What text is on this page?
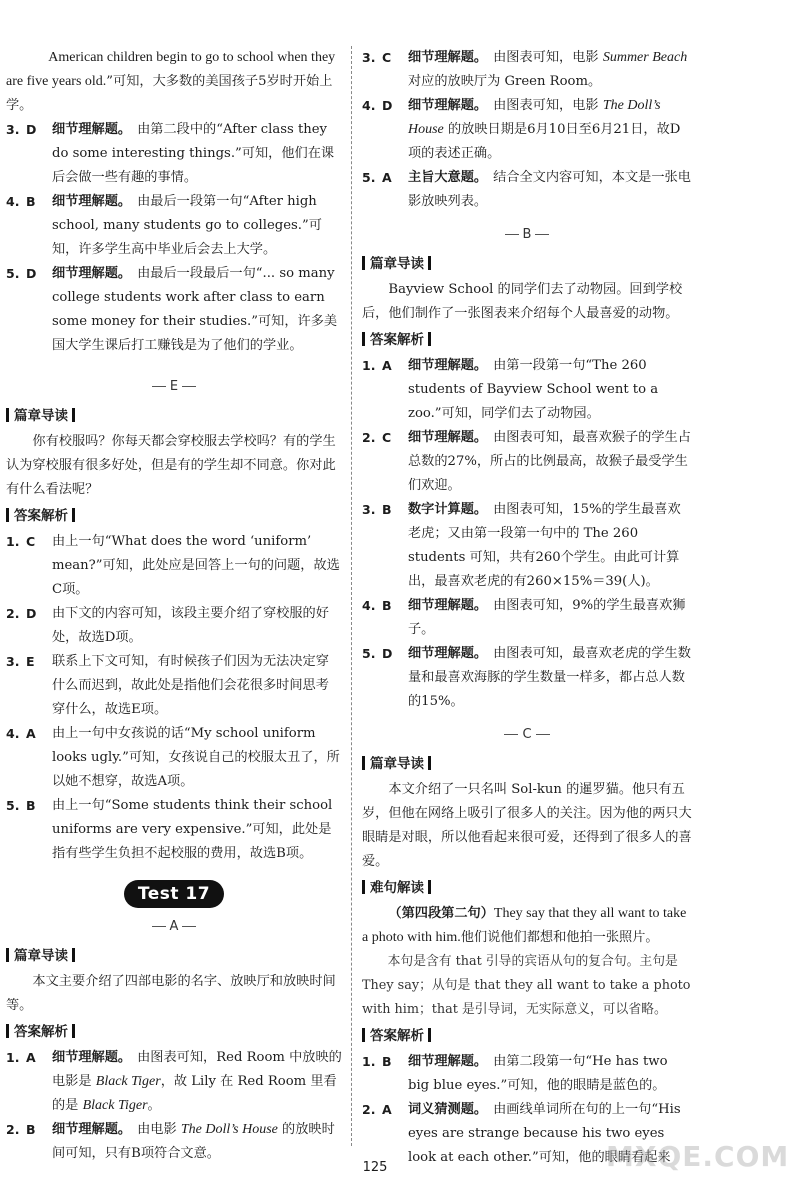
American children begin to go to school when they are five years old.”可知，大多数的美国孩子5岁时开始上学。

3. D	细节理解题。 由第二段中的“After class they do some interesting things.”可知，他们在课后会做一些有趣的事情。
4. B	细节理解题。 由最后一段第一句“After high school, many students go to colleges.”可知，许多学生高中毕业后会去上大学。
5. D	细节理解题。 由最后一段最后一句“... so many college students work after class to earn some money for their studies.”可知，许多美国大学生课后打工赚钱是为了他们的学业。
E
篇章导读

你有校服吗？你每天都会穿校服去学校吗？有的学生认为穿校服有很多好处，但是有的学生却不同意。你对此有什么看法呢？

答案解析
1. C	由上一句“What does the word ‘uniform’ mean?”可知，此处应是回答上一句的问题，故选C项。
2. D	由下文的内容可知，该段主要介绍了穿校服的好处，故选D项。
3. E	联系上下文可知，有时候孩子们因为无法决定穿什么而迟到，故此处是指他们会花很多时间思考穿什么，故选E项。
4. A	由上一句中女孩说的话“My school uniform looks ugly.”可知，女孩说自己的校服太丑了，所以她不想穿，故选A项。
5. B	由上一句“Some students think their school uniforms are very expensive.”可知，此处是指有些学生负担不起校服的费用，故选B项。
Test 17
A
篇章导读

本文主要介绍了四部电影的名字、放映厅和放映时间等。

答案解析
1. A	细节理解题。 由图表可知，Red Room 中放映的电影是 Black Tiger，故 Lily 在 Red Room 里看的是 Black Tiger。
2. B	细节理解题。 由电影 The Doll’s House 的放映时间可知，只有B项符合文意。
3. C	细节理解题。 由图表可知，电影 Summer Beach 对应的放映厅为 Green Room。
4. D	细节理解题。 由图表可知，电影 The Doll’s House 的放映日期是6月10日至6月21日，故D项的表述正确。
5. A	主旨大意题。 结合全文内容可知，本文是一张电影放映列表。
B
篇章导读

Bayview School 的同学们去了动物园。回到学校后，他们制作了一张图表来介绍每个人最喜爱的动物。

答案解析
1. A	细节理解题。 由第一段第一句“The 260 students of Bayview School went to a zoo.”可知，同学们去了动物园。
2. C	细节理解题。 由图表可知，最喜欢猴子的学生占总数的27%，所占的比例最高，故猴子最受学生们欢迎。
3. B	数字计算题。 由图表可知，15%的学生最喜欢老虎；又由第一段第一句中的 The 260 students 可知，共有260个学生。由此可计算出，最喜欢老虎的有260×15%＝39(人)。
4. B	细节理解题。 由图表可知，9%的学生最喜欢狮子。
5. D	细节理解题。 由图表可知，最喜欢老虎的学生数量和最喜欢海豚的学生数量一样多，都占总人数的15%。
C
篇章导读

本文介绍了一只名叫 Sol-kun 的暹罗猫。他只有五岁，但他在网络上吸引了很多人的关注。因为他的两只大眼睛是对眼，所以他看起来很可爱，还得到了很多人的喜爱。

难句解读

（第四段第二句）They say that they all want to take a photo with him.他们说他们都想和他拍一张照片。

本句是含有 that 引导的宾语从句的复合句。主句是 They say；从句是 that they all want to take a photo with him；that 是引导词，无实际意义，可以省略。

答案解析
1. B	细节理解题。 由第二段第一句“He has two big blue eyes.”可知，他的眼睛是蓝色的。
2. A	词义猜测题。 由画线单词所在句的上一句“His eyes are strange because his two eyes look at each other.”可知，他的眼睛看起来
125	MXQE.COM
